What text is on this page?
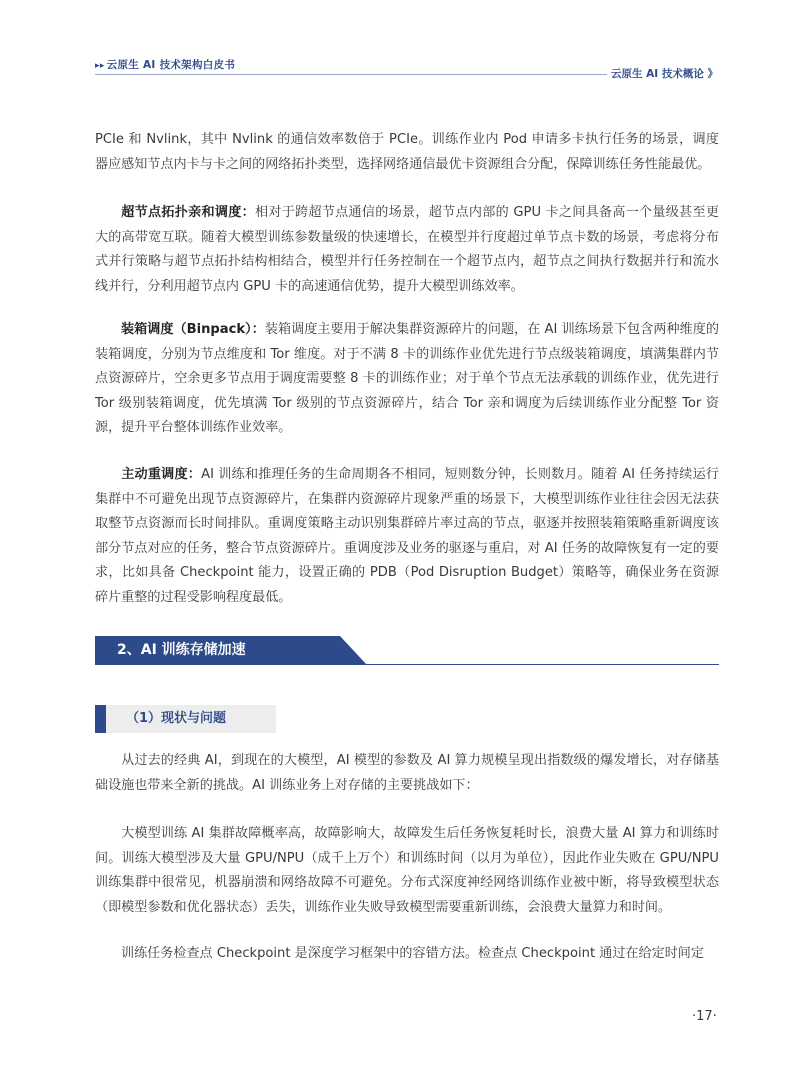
▸▸ 云原生 AI 技术架构白皮书
云原生 AI 技术概论 》

PCIe 和 Nvlink，其中 Nvlink 的通信效率数倍于 PCIe。训练作业内 Pod 申请多卡执行任务的场景，调度器应感知节点内卡与卡之间的网络拓扑类型，选择网络通信最优卡资源组合分配，保障训练任务性能最优。

超节点拓扑亲和调度：相对于跨超节点通信的场景，超节点内部的 GPU 卡之间具备高一个量级甚至更大的高带宽互联。随着大模型训练参数量级的快速增长，在模型并行度超过单节点卡数的场景，考虑将分布式并行策略与超节点拓扑结构相结合，模型并行任务控制在一个超节点内，超节点之间执行数据并行和流水线并行，分利用超节点内 GPU 卡的高速通信优势，提升大模型训练效率。

装箱调度（Binpack）：装箱调度主要用于解决集群资源碎片的问题，在 AI 训练场景下包含两种维度的装箱调度，分别为节点维度和 Tor 维度。对于不满 8 卡的训练作业优先进行节点级装箱调度，填满集群内节点资源碎片，空余更多节点用于调度需要整 8 卡的训练作业；对于单个节点无法承载的训练作业，优先进行 Tor 级别装箱调度，优先填满 Tor 级别的节点资源碎片，结合 Tor 亲和调度为后续训练作业分配整 Tor 资源，提升平台整体训练作业效率。

主动重调度：AI 训练和推理任务的生命周期各不相同，短则数分钟，长则数月。随着 AI 任务持续运行集群中不可避免出现节点资源碎片，在集群内资源碎片现象严重的场景下，大模型训练作业往往会因无法获取整节点资源而长时间排队。重调度策略主动识别集群碎片率过高的节点，驱逐并按照装箱策略重新调度该部分节点对应的任务，整合节点资源碎片。重调度涉及业务的驱逐与重启，对 AI 任务的故障恢复有一定的要求，比如具备 Checkpoint 能力，设置正确的 PDB（Pod Disruption Budget）策略等，确保业务在资源碎片重整的过程受影响程度最低。

2、AI 训练存储加速
（1）现状与问题

从过去的经典 AI，到现在的大模型，AI 模型的参数及 AI 算力规模呈现出指数级的爆发增长，对存储基础设施也带来全新的挑战。AI 训练业务上对存储的主要挑战如下：

大模型训练 AI 集群故障概率高，故障影响大，故障发生后任务恢复耗时长，浪费大量 AI 算力和训练时间。训练大模型涉及大量 GPU/NPU（成千上万个）和训练时间（以月为单位），因此作业失败在 GPU/NPU 训练集群中很常见，机器崩溃和网络故障不可避免。分布式深度神经网络训练作业被中断，将导致模型状态（即模型参数和优化器状态）丢失，训练作业失败导致模型需要重新训练，会浪费大量算力和时间。

训练任务检查点 Checkpoint 是深度学习框架中的容错方法。检查点 Checkpoint 通过在给定时间定

·17·
